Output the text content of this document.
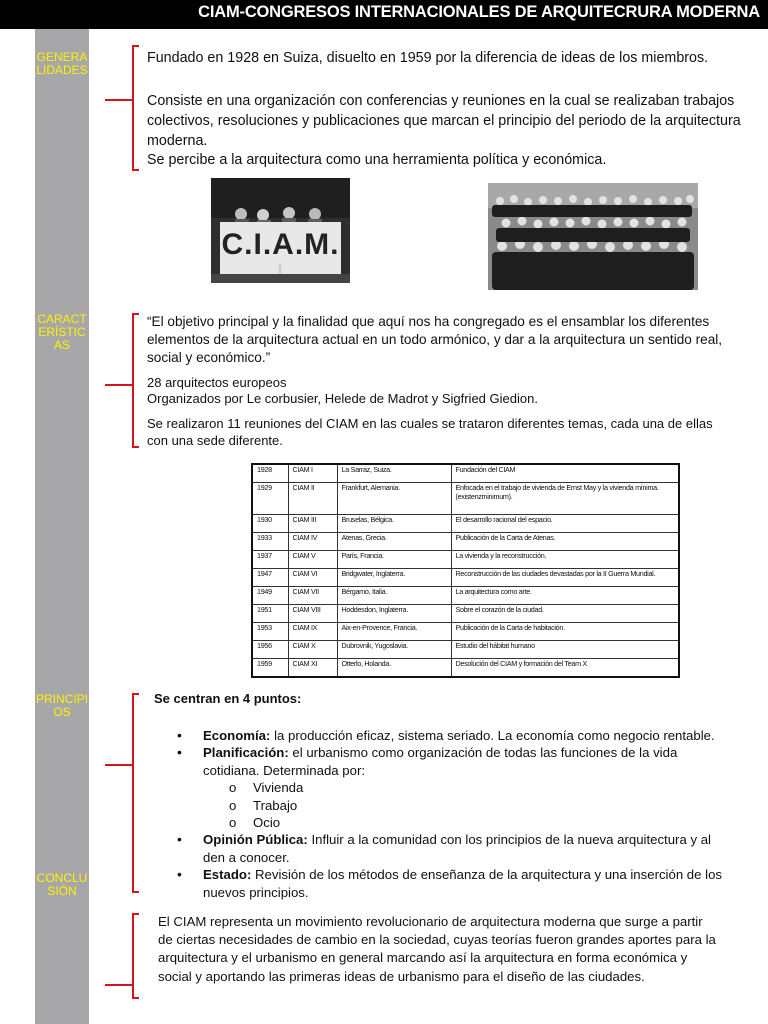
CIAM-CONGRESOS INTERNACIONALES DE ARQUITECRURA MODERNA
GENERALIDADES
CARACTERÍSTICAS
PRINCIPIOS
CONCLUSIÓN
Fundado en 1928 en Suiza, disuelto en 1959 por la diferencia de ideas de los miembros.
Consiste en una organización con conferencias y reuniones en la cual se realizaban trabajos colectivos, resoluciones y publicaciones que marcan el principio del periodo de la arquitectura moderna.
Se percibe a la arquitectura como una herramienta política y económica.
C.I.A.M.
“El objetivo principal y la finalidad que aquí nos ha congregado es el ensamblar los diferentes elementos de la arquitectura actual en un todo armónico, y dar a la arquitectura un sentido real, social y económico.”
28 arquitectos europeos
Organizados por Le corbusier, Helede de Madrot y Sigfried Giedion.
Se realizaron 11 reuniones del CIAM en las cuales se trataron diferentes temas, cada una de ellas con una sede diferente.
1928	CIAM I	La Sarraz, Suiza.	Fundación del CIAM
1929	CIAM II	Frankfurt, Alemania.	Enfocada en el trabajo de vivienda de Ernst May y la vivienda mínima. (existenzminimum).
1930	CIAM III	Bruselas, Bélgica.	El desarrollo racional del espacio.
1933	CIAM IV	Atenas, Grecia.	Publicación de la Carta de Atenas.
1937	CIAM V	París, Francia.	La vivienda y la reconstrucción.
1947	CIAM VI	Bridgwater, Inglaterra.	Reconstrucción de las ciudades devastadas por la II Guerra Mundial.
1949	CIAM VII	Bérgamo, Italia.	La arquitectura como arte.
1951	CIAM VIII	Hoddesdon, Inglaterra.	Sobre el corazón de la ciudad.
1953	CIAM IX	Aix-en-Provence, Francia.	Publicación de la Carta de habitación.
1956	CIAM X	Dubrovnik, Yugoslavia.	Estudio del hábitat humano
1959	CIAM XI	Otterlo, Holanda.	Desolución del CIAM y formación del Team X
Se centran en 4 puntos:
• Economía: la producción eficaz, sistema seriado. La economía como negocio rentable.
• Planificación: el urbanismo como organización de todas las funciones de la vida cotidiana. Determinada por:
o Vivienda
o Trabajo
o Ocio
• Opinión Pública: Influir a la comunidad con los principios de la nueva arquitectura y al den a conocer.
• Estado: Revisión de los métodos de enseñanza de la arquitectura y una inserción de los nuevos principios.
El CIAM representa un movimiento revolucionario de arquitectura moderna que surge a partir de ciertas necesidades de cambio en la sociedad, cuyas teorías fueron grandes aportes para la arquitectura y el urbanismo en general marcando así la arquitectura en forma económica y social y aportando las primeras ideas de urbanismo para el diseño de las ciudades.
